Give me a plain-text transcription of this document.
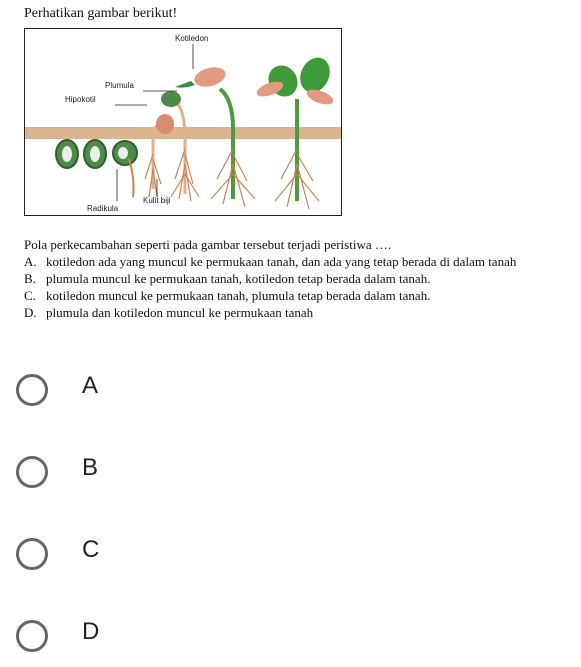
Perhatikan gambar berikut!
Kotiledon
Plumula
Hipokotil
Kulit biji
Radikula
Pola perkecambahan seperti pada gambar tersebut terjadi peristiwa ….
A. kotiledon ada yang muncul ke permukaan tanah, dan ada yang tetap berada di dalam tanah
B. plumula muncul ke permukaan tanah, kotiledon tetap berada dalam tanah.
C. kotiledon muncul ke permukaan tanah, plumula tetap berada dalam tanah.
D. plumula dan kotiledon muncul ke permukaan tanah
A
B
C
D
